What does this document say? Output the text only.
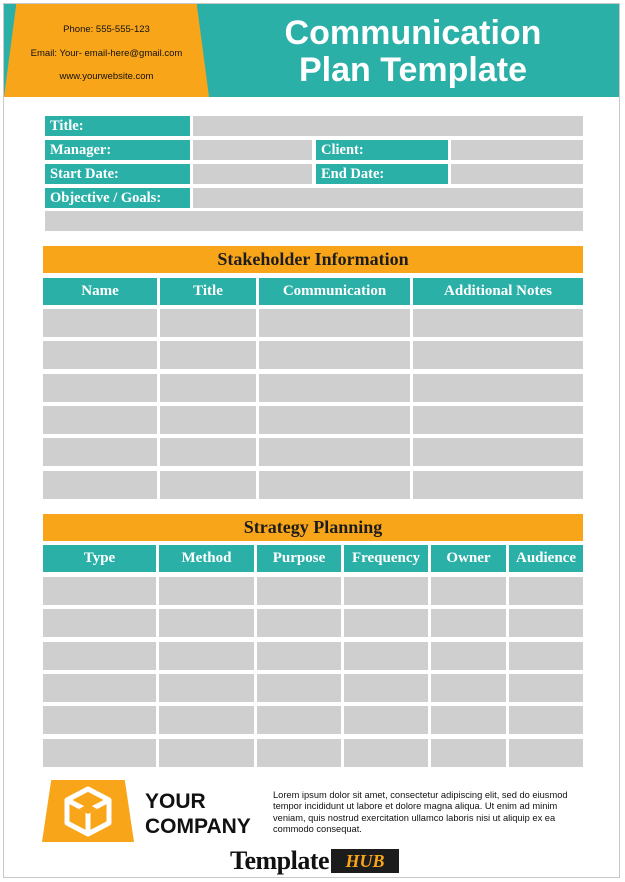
Phone: 555-555-123
Email: Your- email-here@gmail.com
www.yourwebsite.com
Communication
Plan Template
Title:
Manager:	Client:
Start Date:	End Date:
Objective / Goals:
Stakeholder Information
Name	Title	Communication	Additional Notes
Strategy Planning
Type	Method	Purpose	Frequency	Owner	Audience
YOUR
COMPANY
Lorem ipsum dolor sit amet, consectetur adipiscing elit, sed do eiusmod tempor incididunt ut labore et dolore magna aliqua. Ut enim ad minim veniam, quis nostrud exercitation ullamco laboris nisi ut aliquip ex ea commodo consequat.
Template HUB
